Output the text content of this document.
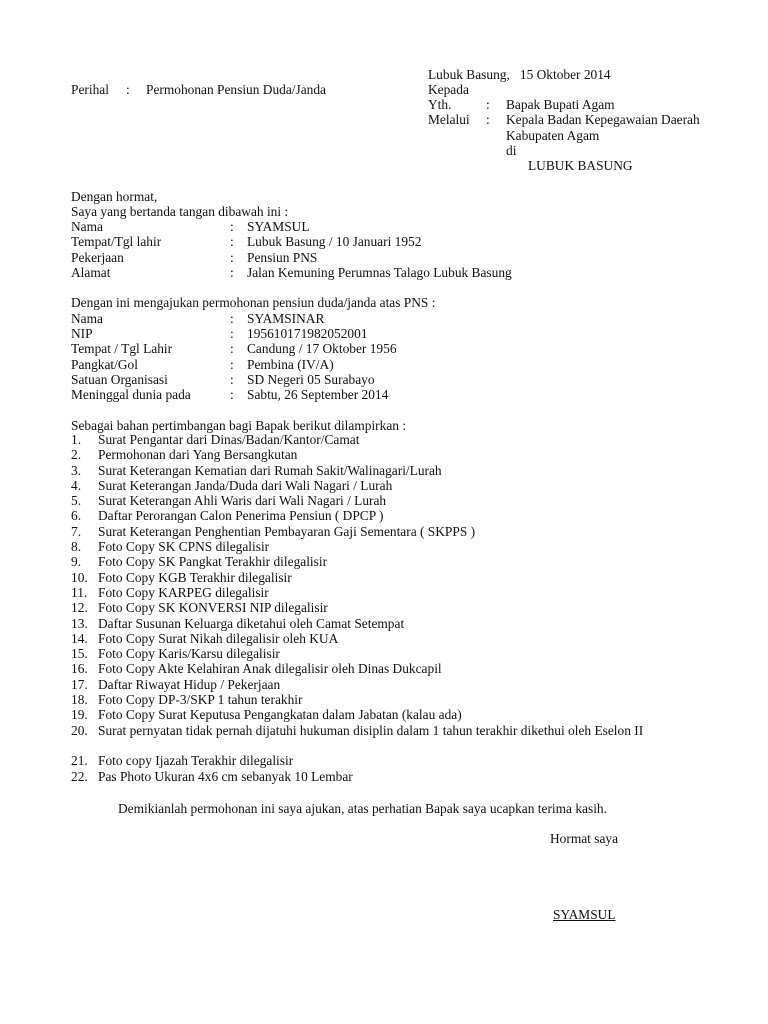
Perihal : Permohonan Pensiun Duda/Janda
Lubuk Basung,   15 Oktober 2014
Kepada
Yth.	: Bapak Bupati Agam
Melalui : Kepala Badan Kepegawaian Daerah
Kabupaten Agam
di
LUBUK BASUNG
Dengan hormat,
Saya yang bertanda tangan dibawah ini :
Nama	: SYAMSUL
Tempat/Tgl lahir	: Lubuk Basung / 10 Januari 1952
Pekerjaan	: Pensiun PNS
Alamat	: Jalan Kemuning Perumnas Talago Lubuk Basung
Dengan ini mengajukan permohonan pensiun duda/janda atas PNS :
Nama	: SYAMSINAR
NIP	: 195610171982052001
Tempat / Tgl Lahir	: Candung / 17 Oktober 1956
Pangkat/Gol	: Pembina (IV/A)
Satuan Organisasi	: SD Negeri 05 Surabayo
Meninggal dunia pada	: Sabtu, 26 September 2014
Sebagai bahan pertimbangan bagi Bapak berikut dilampirkan :
1. Surat Pengantar dari Dinas/Badan/Kantor/Camat
2. Permohonan dari Yang Bersangkutan
3. Surat Keterangan Kematian dari Rumah Sakit/Walinagari/Lurah
4. Surat Keterangan Janda/Duda dari Wali Nagari / Lurah
5. Surat Keterangan Ahli Waris dari Wali Nagari / Lurah
6. Daftar Perorangan Calon Penerima Pensiun ( DPCP )
7. Surat Keterangan Penghentian Pembayaran Gaji Sementara ( SKPPS )
8. Foto Copy SK CPNS dilegalisir
9. Foto Copy SK Pangkat Terakhir dilegalisir
10. Foto Copy KGB Terakhir dilegalisir
11. Foto Copy KARPEG dilegalisir
12. Foto Copy SK KONVERSI NIP dilegalisir
13. Daftar Susunan Keluarga diketahui oleh Camat Setempat
14. Foto Copy Surat Nikah dilegalisir oleh KUA
15. Foto Copy Karis/Karsu dilegalisir
16. Foto Copy Akte Kelahiran Anak dilegalisir oleh Dinas Dukcapil
17. Daftar Riwayat Hidup / Pekerjaan
18. Foto Copy DP-3/SKP 1 tahun terakhir
19. Foto Copy Surat Keputusa Pengangkatan dalam Jabatan (kalau ada)
20. Surat pernyatan tidak pernah dijatuhi hukuman disiplin dalam 1 tahun terakhir dikethui oleh Eselon II
21. Foto copy Ijazah Terakhir dilegalisir
22. Pas Photo Ukuran 4x6 cm sebanyak 10 Lembar
Demikianlah permohonan ini saya ajukan, atas perhatian Bapak saya ucapkan terima kasih.
Hormat saya
SYAMSUL
